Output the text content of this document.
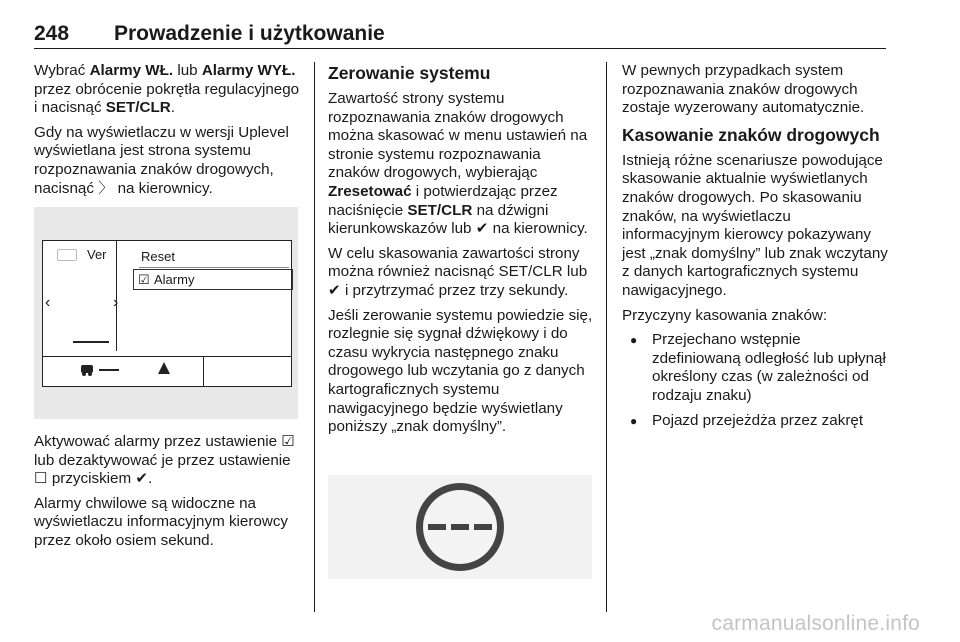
248 Prowadzenie i użytkowanie

Wybrać Alarmy WŁ. lub Alarmy WYŁ. przez obrócenie pokrętła regulacyjnego i nacisnąć SET/CLR.

Gdy na wyświetlaczu w wersji Uplevel wyświetlana jest strona systemu rozpoznawania znaków drogowych, nacisnąć 〉 na kierownicy.

Ver
‹	›
Reset
☑ Alarmy

Aktywować alarmy przez ustawienie ☑ lub dezaktywować je przez ustawienie ☐ przyciskiem ✔.

Alarmy chwilowe są widoczne na wyświetlaczu informacyjnym kierowcy przez około osiem sekund.

Zerowanie systemu

Zawartość strony systemu rozpoznawania znaków drogowych można skasować w menu ustawień na stronie systemu rozpoznawania znaków drogowych, wybierając Zresetować i potwierdzając przez naciśnięcie SET/CLR na dźwigni kierunkowskazów lub ✔ na kierownicy.

W celu skasowania zawartości strony można również nacisnąć SET/CLR lub ✔ i przytrzymać przez trzy sekundy.

Jeśli zerowanie systemu powiedzie się, rozlegnie się sygnał dźwiękowy i do czasu wykrycia następnego znaku drogowego lub wczytania go z danych kartograficznych systemu nawigacyjnego będzie wyświetlany poniższy „znak domyślny”.

W pewnych przypadkach system rozpoznawania znaków drogowych zostaje wyzerowany automatycznie.

Kasowanie znaków drogowych

Istnieją różne scenariusze powodujące skasowanie aktualnie wyświetlanych znaków drogowych. Po skasowaniu znaków, na wyświetlaczu informacyjnym kierowcy pokazywany jest „znak domyślny” lub znak wczytany z danych kartograficznych systemu nawigacyjnego.

Przyczyny kasowania znaków:

● Przejechano wstępnie zdefiniowaną odległość lub upłynął określony czas (w zależności od rodzaju znaku)
● Pojazd przejeżdża przez zakręt
carmanualsonline.info
